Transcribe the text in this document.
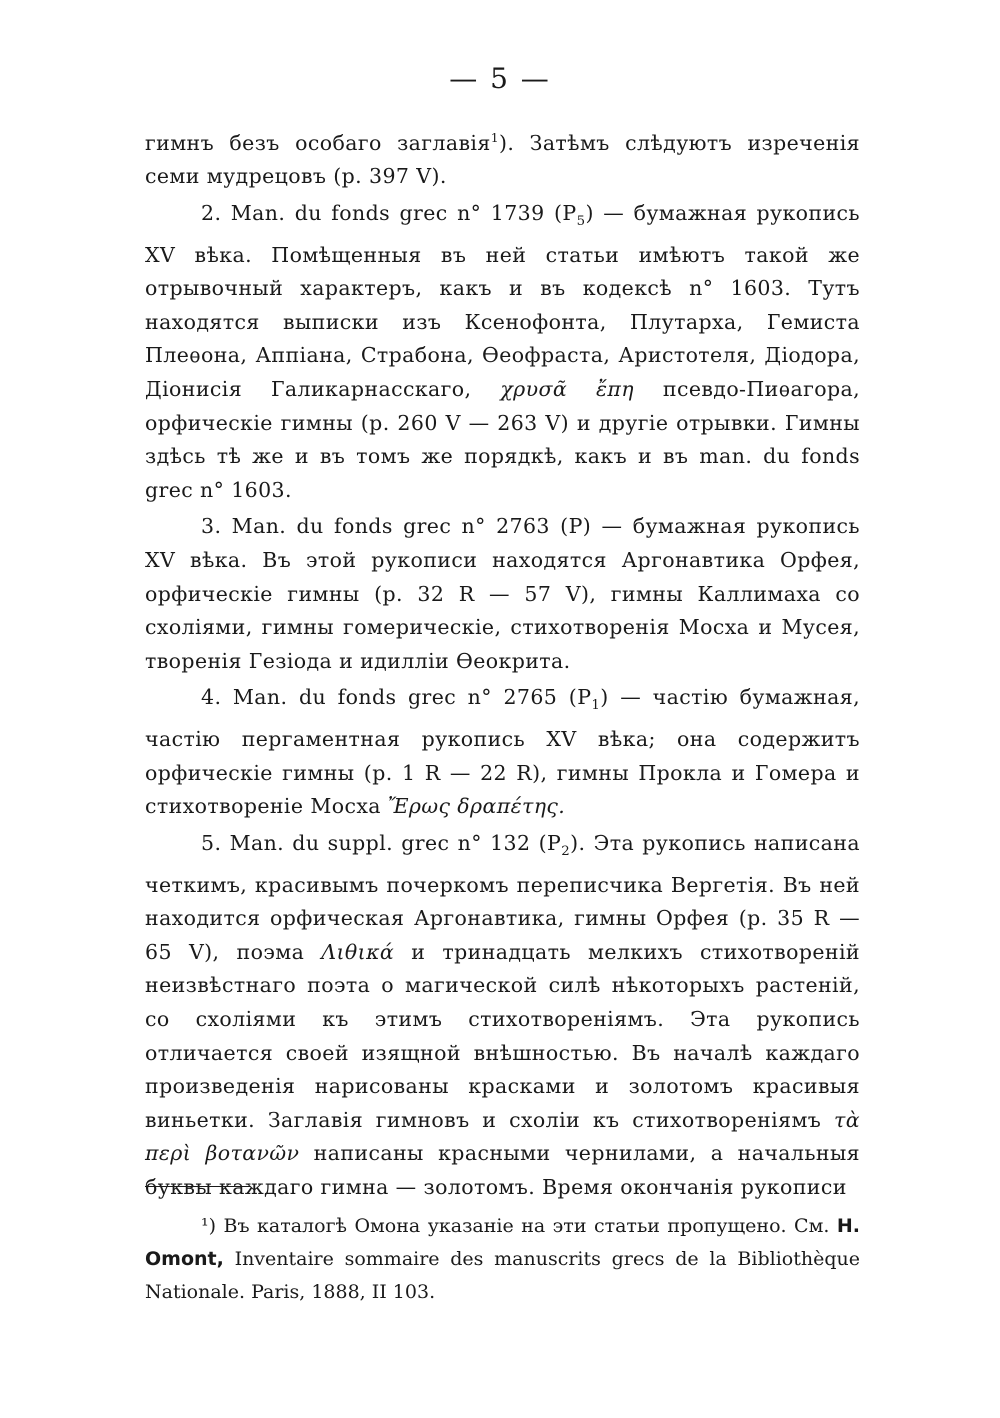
— 5 —

гимнъ безъ особаго заглавія$^1$). Затѣмъ слѣдуютъ изреченія семи мудрецовъ (p. 397 V).

2. Man. du fonds grec n° 1739 $(P_5)$ — бумажная рукопись XV вѣка. Помѣщенныя въ ней статьи имѣютъ такой же отрывочный характеръ, какъ и въ кодексѣ n° 1603. Тутъ находятся выписки изъ Ксенофонта, Плутарха, Гемиста Плеѳона, Аппіана, Страбона, Ѳеофраста, Аристотеля, Діодора, Діонисія Галикарнасскаго, χρυσᾶ ἔπη псевдо-Пиѳагора, орфическіе гимны (p. 260 V — 263 V) и другіе отрывки. Гимны здѣсь тѣ же и въ томъ же порядкѣ, какъ и въ man. du fonds grec n° 1603.

3. Man. du fonds grec n° 2763 (P) — бумажная рукопись XV вѣка. Въ этой рукописи находятся Аргонавтика Орфея, орфическіе гимны (p. 32 R — 57 V), гимны Каллимаха со схоліями, гимны гомерическіе, стихотворенія Мосха и Мусея, творенія Гезіода и идилліи Ѳеокрита.

4. Man. du fonds grec n° 2765 $(P_1)$ — частію бумажная, частію пергаментная рукопись XV вѣка; она содержитъ орфическіе гимны (p. 1 R — 22 R), гимны Прокла и Гомера и стихотвореніе Мосха Ἔρως δραπέτης.

5. Man. du suppl. grec n° 132 $(P_2)$. Эта рукопись написана четкимъ, красивымъ почеркомъ переписчика Вергетія. Въ ней находится орфическая Аргонавтика, гимны Орфея (p. 35 R — 65 V), поэма Λιθικά и тринадцать мелкихъ стихотвореній неизвѣстнаго поэта о магической силѣ нѣкоторыхъ растеній, со схоліями къ этимъ стихотвореніямъ. Эта рукопись отличается своей изящной внѣшностью. Въ началѣ каждаго произведенія нарисованы красками и золотомъ красивыя виньетки. Заглавія гимновъ и схоліи къ стихотвореніямъ τὰ περὶ βοτανῶν написаны красными чернилами, а начальныя буквы каждаго гимна — золотомъ. Время окончанія рукописи

¹) Въ каталогѣ Омона указаніе на эти статьи пропущено. См. H. Omont, Inventaire sommaire des manuscrits grecs de la Bibliothèque Nationale. Paris, 1888, II 103.
